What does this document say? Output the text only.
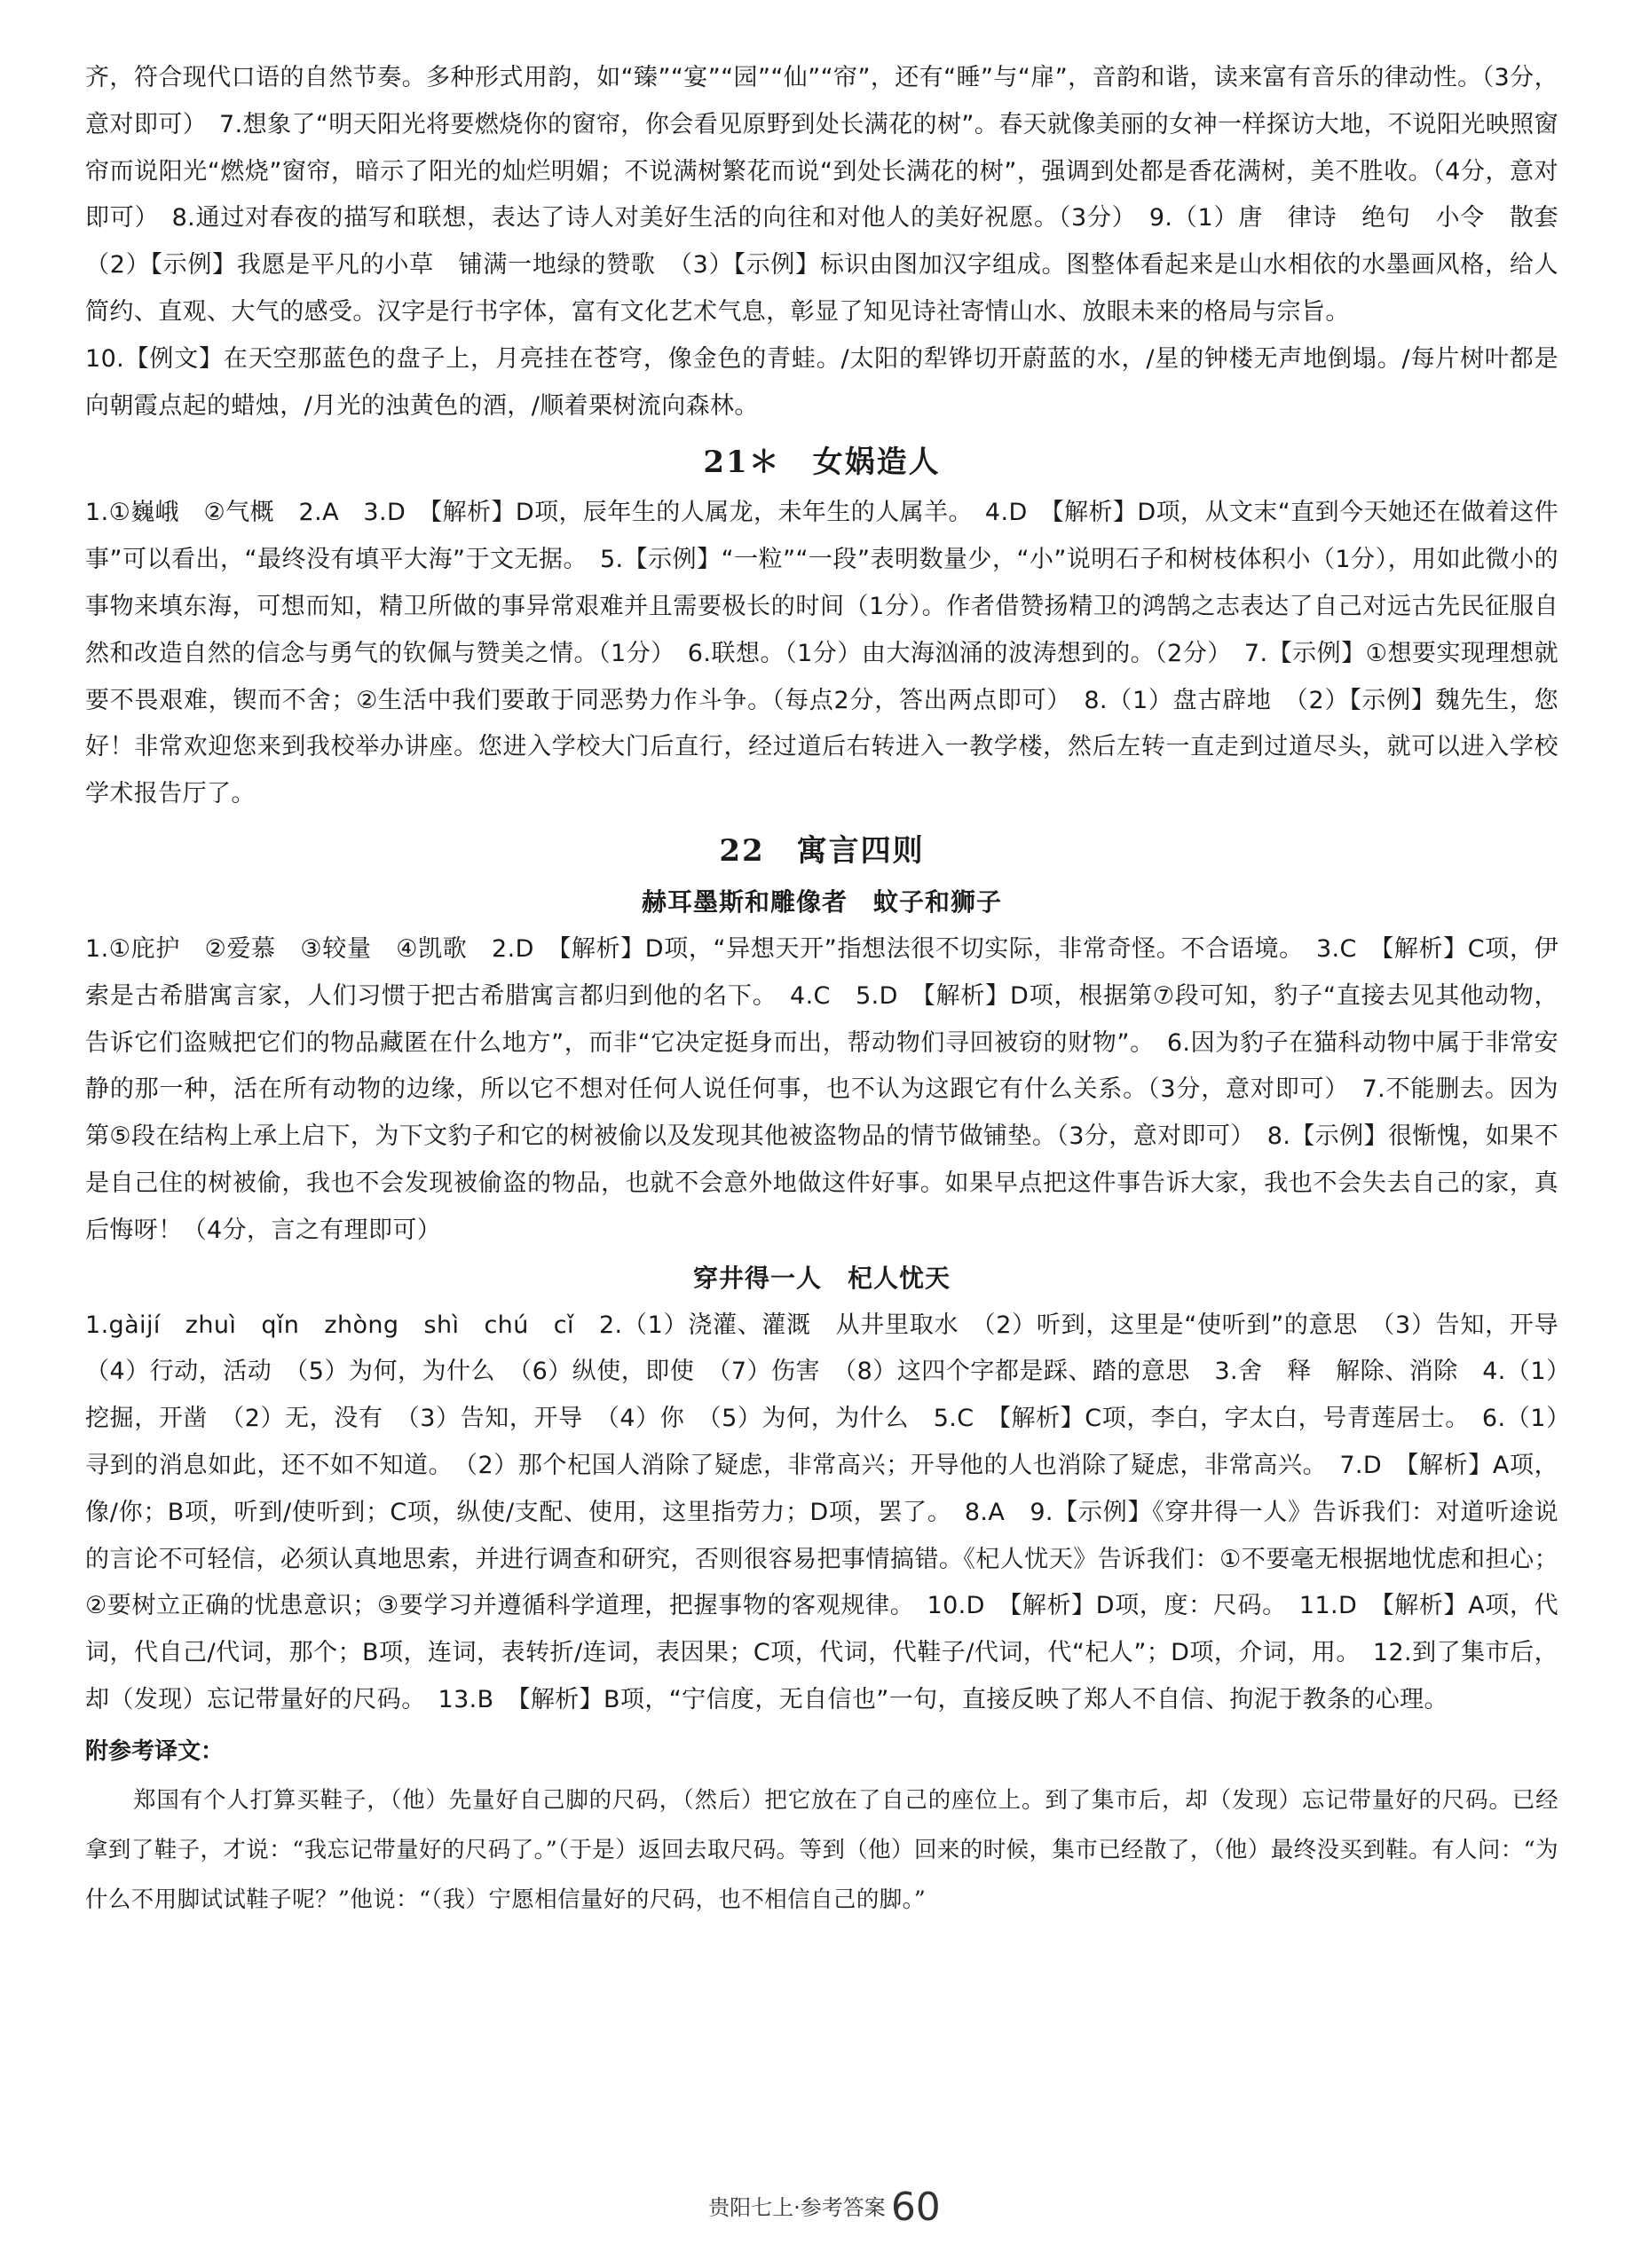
齐，符合现代口语的自然节奏。多种形式用韵，如“臻”“宴”“园”“仙”“帘”，还有“睡”与“扉”，音韵和谐，读来富有音乐的律动性。（3分，意对即可）　7.想象了“明天阳光将要燃烧你的窗帘，你会看见原野到处长满花的树”。春天就像美丽的女神一样探访大地，不说阳光映照窗帘而说阳光“燃烧”窗帘，暗示了阳光的灿烂明媚；不说满树繁花而说“到处长满花的树”，强调到处都是香花满树，美不胜收。（4分，意对即可）　8.通过对春夜的描写和联想，表达了诗人对美好生活的向往和对他人的美好祝愿。（3分）　9.（1）唐　律诗　绝句　小令　散套　（2）【示例】我愿是平凡的小草　铺满一地绿的赞歌　（3）【示例】标识由图加汉字组成。图整体看起来是山水相依的水墨画风格，给人简约、直观、大气的感受。汉字是行书字体，富有文化艺术气息，彰显了知见诗社寄情山水、放眼未来的格局与宗旨。

10.【例文】在天空那蓝色的盘子上，月亮挂在苍穹，像金色的青蛙。/太阳的犁铧切开蔚蓝的水，/星的钟楼无声地倒塌。/每片树叶都是向朝霞点起的蜡烛，/月光的浊黄色的酒，/顺着栗树流向森林。

21＊　女娲造人

1.①巍峨　②气概　2.A　3.D　【解析】D项，辰年生的人属龙，未年生的人属羊。　4.D　【解析】D项，从文末“直到今天她还在做着这件事”可以看出，“最终没有填平大海”于文无据。　5.【示例】“一粒”“一段”表明数量少，“小”说明石子和树枝体积小（1分），用如此微小的事物来填东海，可想而知，精卫所做的事异常艰难并且需要极长的时间（1分）。作者借赞扬精卫的鸿鹄之志表达了自己对远古先民征服自然和改造自然的信念与勇气的钦佩与赞美之情。（1分）　6.联想。（1分）由大海汹涌的波涛想到的。（2分）　7.【示例】①想要实现理想就要不畏艰难，锲而不舍；②生活中我们要敢于同恶势力作斗争。（每点2分，答出两点即可）　8.（1）盘古辟地　（2）【示例】魏先生，您好！非常欢迎您来到我校举办讲座。您进入学校大门后直行，经过道后右转进入一教学楼，然后左转一直走到过道尽头，就可以进入学校学术报告厅了。

22　寓言四则
赫耳墨斯和雕像者　蚊子和狮子

1.①庇护　②爱慕　③较量　④凯歌　2.D　【解析】D项，“异想天开”指想法很不切实际，非常奇怪。不合语境。　3.C　【解析】C项，伊索是古希腊寓言家，人们习惯于把古希腊寓言都归到他的名下。　4.C　5.D　【解析】D项，根据第⑦段可知，豹子“直接去见其他动物，告诉它们盗贼把它们的物品藏匿在什么地方”，而非“它决定挺身而出，帮动物们寻回被窃的财物”。　6.因为豹子在猫科动物中属于非常安静的那一种，活在所有动物的边缘，所以它不想对任何人说任何事，也不认为这跟它有什么关系。（3分，意对即可）　7.不能删去。因为第⑤段在结构上承上启下，为下文豹子和它的树被偷以及发现其他被盗物品的情节做铺垫。（3分，意对即可）　8.【示例】很惭愧，如果不是自己住的树被偷，我也不会发现被偷盗的物品，也就不会意外地做这件好事。如果早点把这件事告诉大家，我也不会失去自己的家，真后悔呀！（4分，言之有理即可）

穿井得一人　杞人忧天

1.gàijí　zhuì　qǐn　zhòng　shì　chú　cǐ　2.（1）浇灌、灌溉　从井里取水　（2）听到，这里是“使听到”的意思　（3）告知，开导　（4）行动，活动　（5）为何，为什么　（6）纵使，即使　（7）伤害　（8）这四个字都是踩、踏的意思　3.舍　释　解除、消除　4.（1）挖掘，开凿　（2）无，没有　（3）告知，开导　（4）你　（5）为何，为什么　5.C　【解析】C项，李白，字太白，号青莲居士。　6.（1）寻到的消息如此，还不如不知道。　（2）那个杞国人消除了疑虑，非常高兴；开导他的人也消除了疑虑，非常高兴。　7.D　【解析】A项，像/你；B项，听到/使听到；C项，纵使/支配、使用，这里指劳力；D项，罢了。　8.A　9.【示例】《穿井得一人》告诉我们：对道听途说的言论不可轻信，必须认真地思索，并进行调查和研究，否则很容易把事情搞错。《杞人忧天》告诉我们：①不要毫无根据地忧虑和担心；②要树立正确的忧患意识；③要学习并遵循科学道理，把握事物的客观规律。　10.D　【解析】D项，度：尺码。　11.D　【解析】A项，代词，代自己/代词，那个；B项，连词，表转折/连词，表因果；C项，代词，代鞋子/代词，代“杞人”；D项，介词，用。　12.到了集市后，却（发现）忘记带量好的尺码。　13.B　【解析】B项，“宁信度，无自信也”一句，直接反映了郑人不自信、拘泥于教条的心理。

附参考译文：

郑国有个人打算买鞋子，（他）先量好自己脚的尺码，（然后）把它放在了自己的座位上。到了集市后，却（发现）忘记带量好的尺码。已经拿到了鞋子，才说：“我忘记带量好的尺码了。”（于是）返回去取尺码。等到（他）回来的时候，集市已经散了，（他）最终没买到鞋。有人问：“为什么不用脚试试鞋子呢？”他说：“（我）宁愿相信量好的尺码，也不相信自己的脚。”

贵阳七上·参考答案 60
